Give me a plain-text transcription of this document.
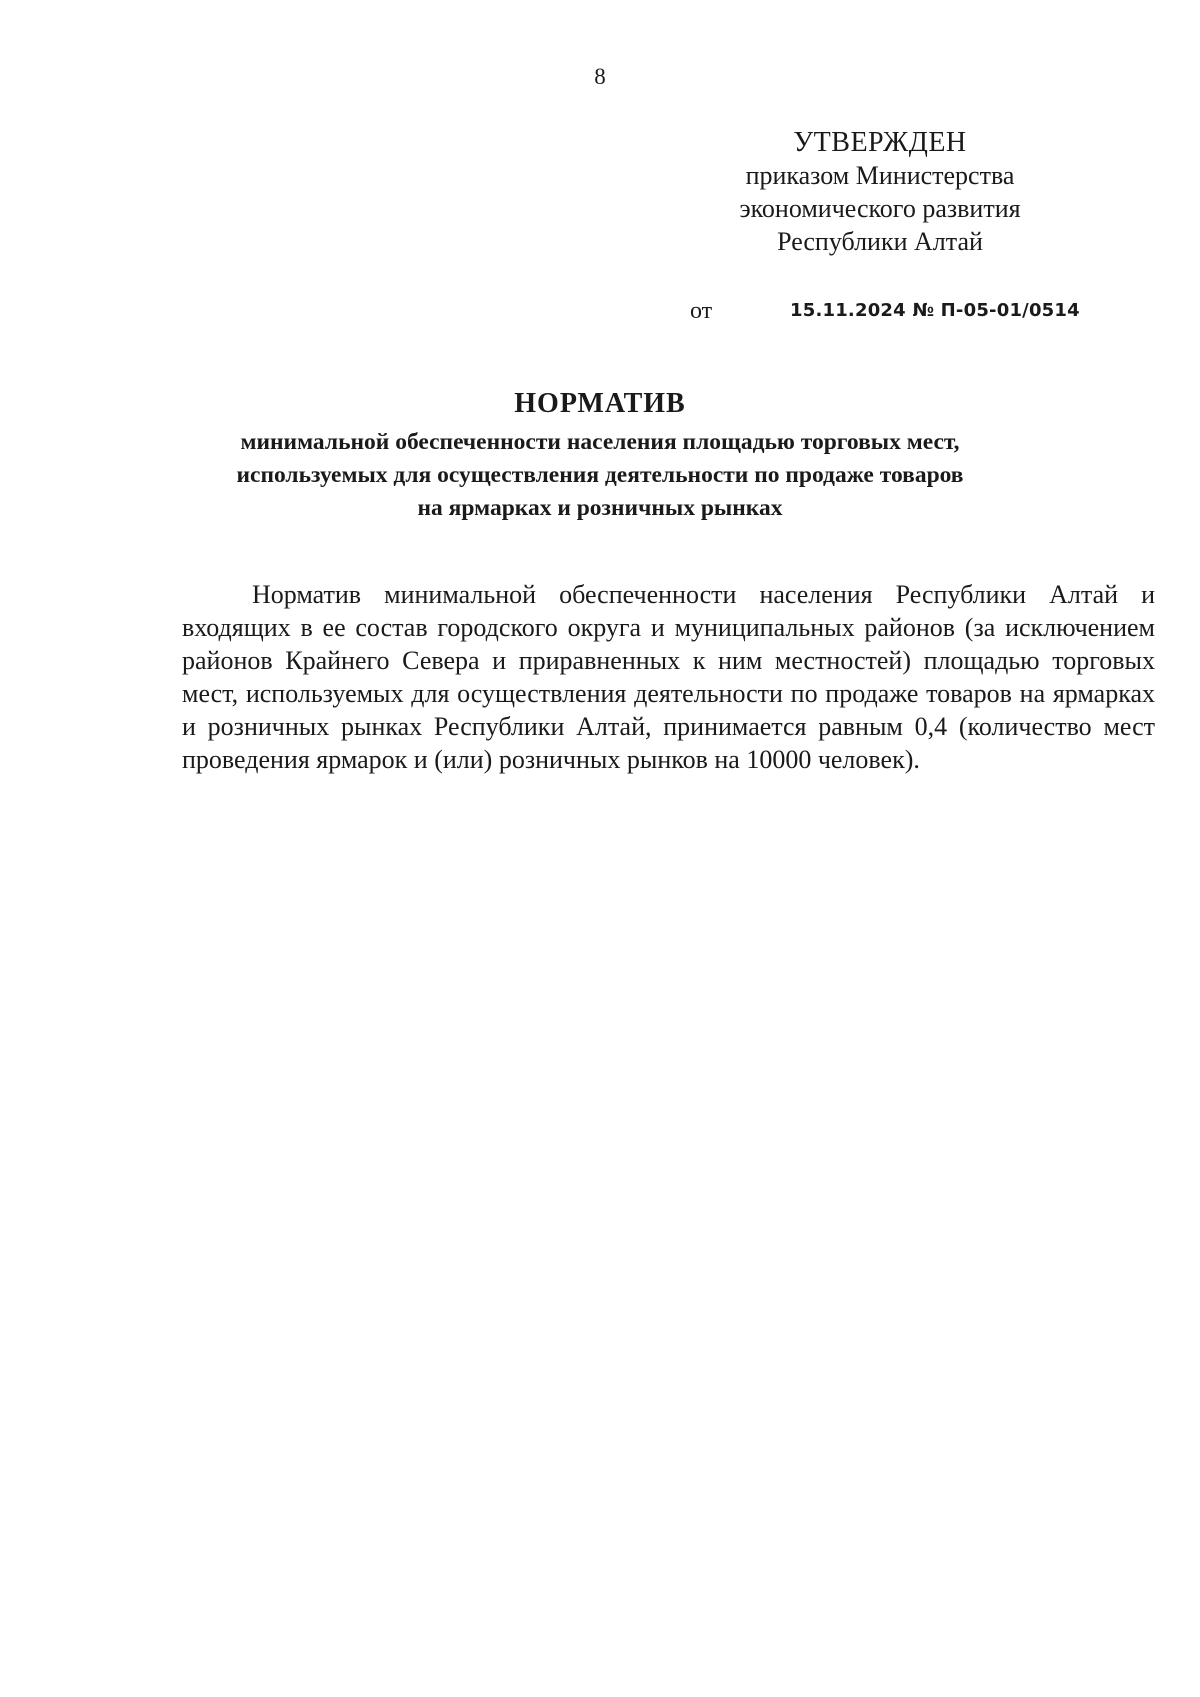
8
УТВЕРЖДЕН
приказом Министерства
экономического развития
Республики Алтай
от	15.11.2024 № П-05-01/0514
НОРМАТИВ
минимальной обеспеченности населения площадью торговых мест,
используемых для осуществления деятельности по продаже товаров
на ярмарках и розничных рынках

Норматив минимальной обеспеченности населения Республики Алтай и входящих в ее состав городского округа и муниципальных районов (за исключением районов Крайнего Севера и приравненных к ним местностей) площадью торговых мест, используемых для осуществления деятельности по продаже товаров на ярмарках и розничных рынках Республики Алтай, принимается равным 0,4 (количество мест проведения ярмарок и (или) розничных рынков на 10000 человек).
